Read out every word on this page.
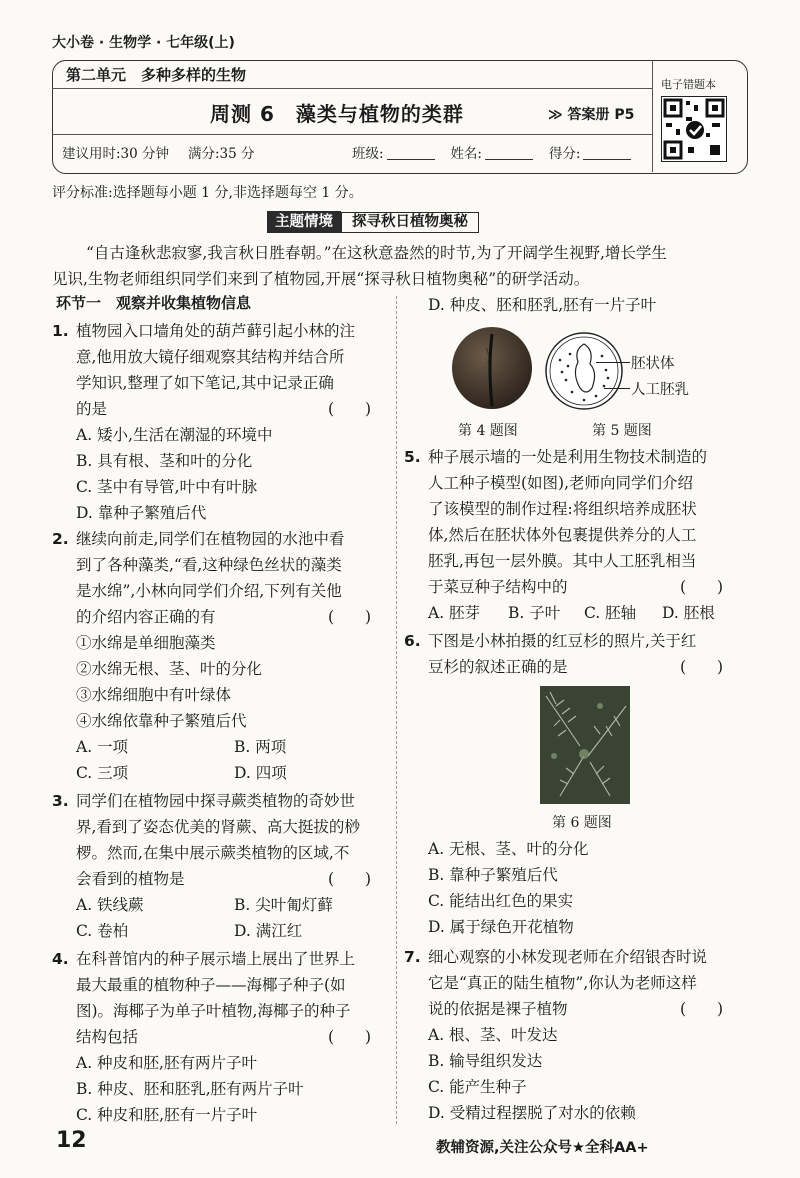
大小卷 · 生物学 · 七年级(上)
第二单元　多种多样的生物
周测 6　藻类与植物的类群	≫ 答案册 P5
电子错题本
建议用时:30 分钟 满分:35 分	班级:	姓名:	得分:
评分标准:选择题每小题 1 分,非选择题每空 1 分。
主题情境 探寻秋日植物奥秘
“自古逢秋悲寂寥,我言秋日胜春朝。”在这秋意盎然的时节,为了开阔学生视野,增长学生
见识,生物老师组织同学们来到了植物园,开展“探寻秋日植物奥秘”的研学活动。
环节一　观察并收集植物信息
1. 植物园入口墙角处的葫芦藓引起小林的注
意,他用放大镜仔细观察其结构并结合所
学知识,整理了如下笔记,其中记录正确
的是	(　　)
A. 矮小,生活在潮湿的环境中
B. 具有根、茎和叶的分化
C. 茎中有导管,叶中有叶脉
D. 靠种子繁殖后代
2. 继续向前走,同学们在植物园的水池中看
到了各种藻类,“看,这种绿色丝状的藻类
是水绵”,小林向同学们介绍,下列有关他
的介绍内容正确的有	(　　)
①水绵是单细胞藻类
②水绵无根、茎、叶的分化
③水绵细胞中有叶绿体
④水绵依靠种子繁殖后代
A. 一项	B. 两项
C. 三项	D. 四项
3. 同学们在植物园中探寻蕨类植物的奇妙世
界,看到了姿态优美的肾蕨、高大挺拔的桫
椤。然而,在集中展示蕨类植物的区域,不
会看到的植物是	(　　)
A. 铁线蕨	B. 尖叶匍灯藓
C. 卷柏	D. 满江红
4. 在科普馆内的种子展示墙上展出了世界上
最大最重的植物种子——海椰子种子(如
图)。海椰子为单子叶植物,海椰子的种子
结构包括	(　　)
A. 种皮和胚,胚有两片子叶
B. 种皮、胚和胚乳,胚有两片子叶
C. 种皮和胚,胚有一片子叶
D. 种皮、胚和胚乳,胚有一片子叶
第 4 题图
胚状体
人工胚乳
第 5 题图
5. 种子展示墙的一处是利用生物技术制造的
人工种子模型(如图),老师向同学们介绍
了该模型的制作过程:将组织培养成胚状
体,然后在胚状体外包裹提供养分的人工
胚乳,再包一层外膜。其中人工胚乳相当
于菜豆种子结构中的	(　　)
A. 胚芽 B. 子叶 C. 胚轴 D. 胚根
6. 下图是小林拍摄的红豆杉的照片,关于红
豆杉的叙述正确的是	(　　)
第 6 题图
A. 无根、茎、叶的分化
B. 靠种子繁殖后代
C. 能结出红色的果实
D. 属于绿色开花植物
7. 细心观察的小林发现老师在介绍银杏时说
它是“真正的陆生植物”,你认为老师这样
说的依据是裸子植物	(　　)
A. 根、茎、叶发达
B. 输导组织发达
C. 能产生种子
D. 受精过程摆脱了对水的依赖
12	教辅资源,关注公众号★全科AA+
